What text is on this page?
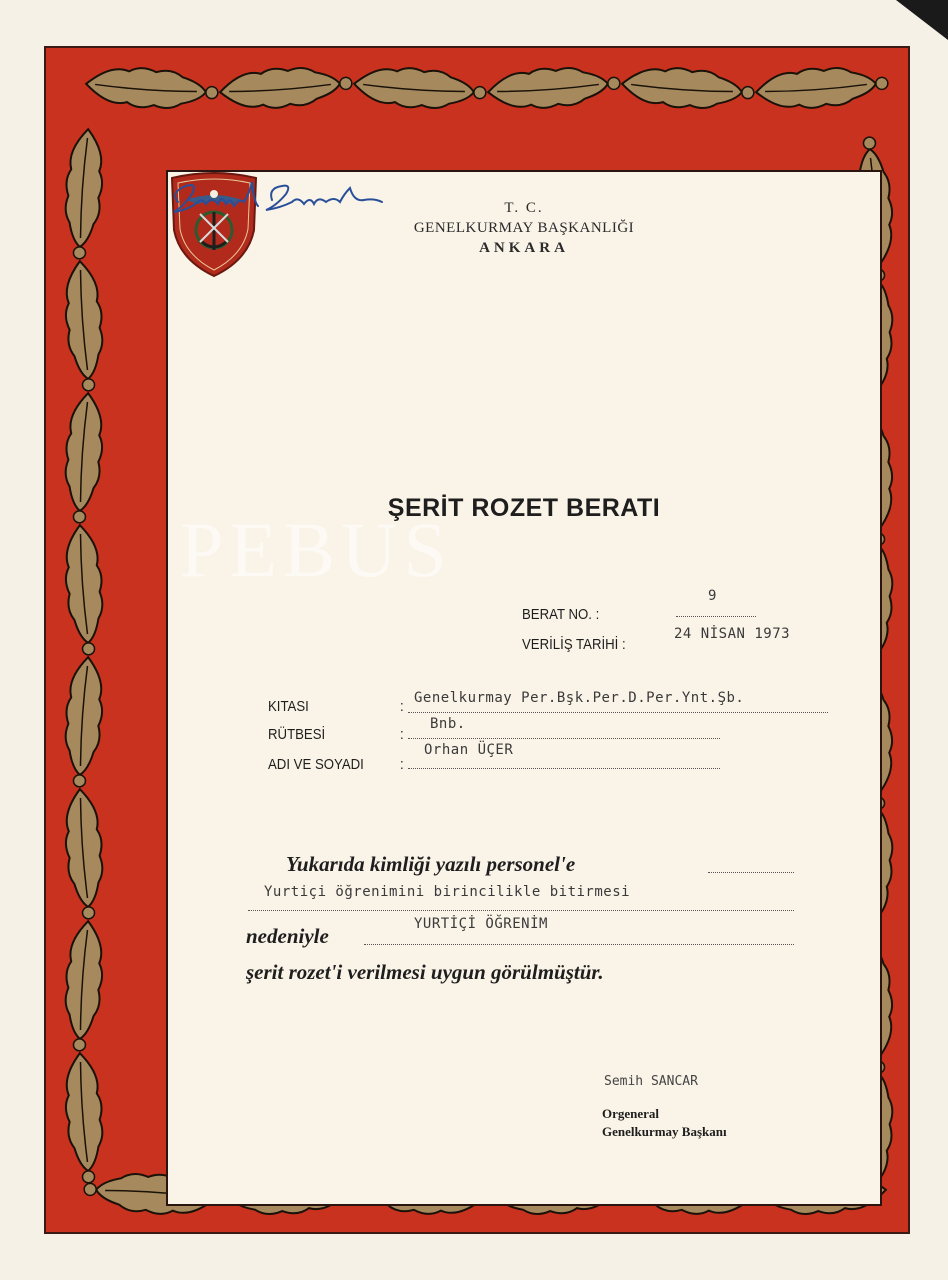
T. C.
GENELKURMAY BAŞKANLIĞI
ANKARA
ŞERİT ROZET BERATI
BERAT NO. :
9
VERİLİŞ TARİHİ :
24 NİSAN 1973
KITASI	: Genelkurmay Per.Bşk.Per.D.Per.Ynt.Şb.
RÜTBESİ	:
Bnb.
ADI VE SOYADI :
Orhan ÜÇER
Yukarıda kimliği yazılı personel'e
Yurtiçi öğrenimini birincilikle bitirmesi
nedeniyle	YURTİÇİ ÖĞRENİM
şerit rozet'i verilmesi uygun görülmüştür.
Semih SANCAR
Orgeneral
Genelkurmay Başkanı
PEBUS
